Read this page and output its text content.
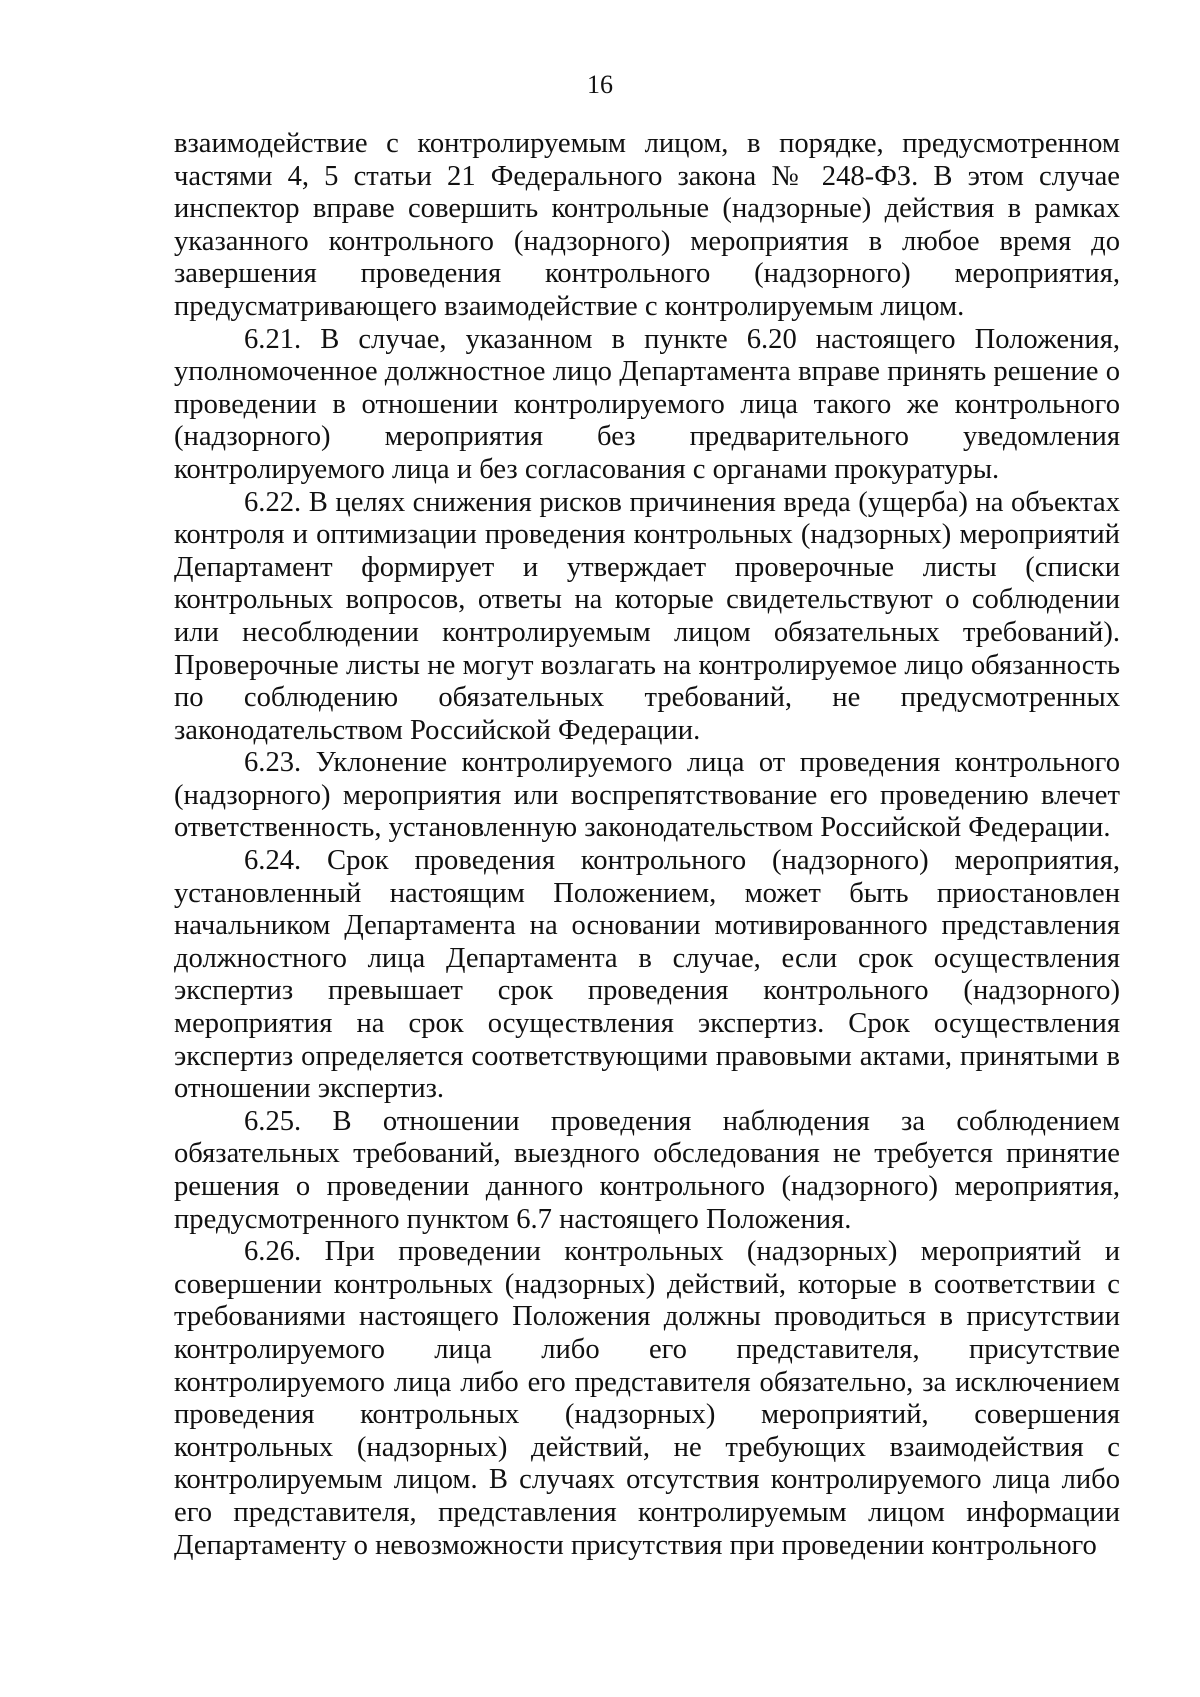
16

взаимодействие с контролируемым лицом, в порядке, предусмотренном частями 4, 5 статьи 21 Федерального закона № 248-ФЗ. В этом случае инспектор вправе совершить контрольные (надзорные) действия в рамках указанного контрольного (надзорного) мероприятия в любое время до завершения проведения контрольного (надзорного) мероприятия, предусматривающего взаимодействие с контролируемым лицом.

6.21. В случае, указанном в пункте 6.20 настоящего Положения, уполномоченное должностное лицо Департамента вправе принять решение о проведении в отношении контролируемого лица такого же контрольного (надзорного) мероприятия без предварительного уведомления контролируемого лица и без согласования с органами прокуратуры.

6.22. В целях снижения рисков причинения вреда (ущерба) на объектах контроля и оптимизации проведения контрольных (надзорных) мероприятий Департамент формирует и утверждает проверочные листы (списки контрольных вопросов, ответы на которые свидетельствуют о соблюдении или несоблюдении контролируемым лицом обязательных требований). Проверочные листы не могут возлагать на контролируемое лицо обязанность по соблюдению обязательных требований, не предусмотренных законодательством Российской Федерации.

6.23. Уклонение контролируемого лица от проведения контрольного (надзорного) мероприятия или воспрепятствование его проведению влечет ответственность, установленную законодательством Российской Федерации.

6.24. Срок проведения контрольного (надзорного) мероприятия, установленный настоящим Положением, может быть приостановлен начальником Департамента на основании мотивированного представления должностного лица Департамента в случае, если срок осуществления экспертиз превышает срок проведения контрольного (надзорного) мероприятия на срок осуществления экспертиз. Срок осуществления экспертиз определяется соответствующими правовыми актами, принятыми в отношении экспертиз.

6.25. В отношении проведения наблюдения за соблюдением обязательных требований, выездного обследования не требуется принятие решения о проведении данного контрольного (надзорного) мероприятия, предусмотренного пунктом 6.7 настоящего Положения.

6.26. При проведении контрольных (надзорных) мероприятий и совершении контрольных (надзорных) действий, которые в соответствии с требованиями настоящего Положения должны проводиться в присутствии контролируемого лица либо его представителя, присутствие контролируемого лица либо его представителя обязательно, за исключением проведения контрольных (надзорных) мероприятий, совершения контрольных (надзорных) действий, не требующих взаимодействия с контролируемым лицом. В случаях отсутствия контролируемого лица либо его представителя, представления контролируемым лицом информации Департаменту о невозможности присутствия при проведении контрольного
